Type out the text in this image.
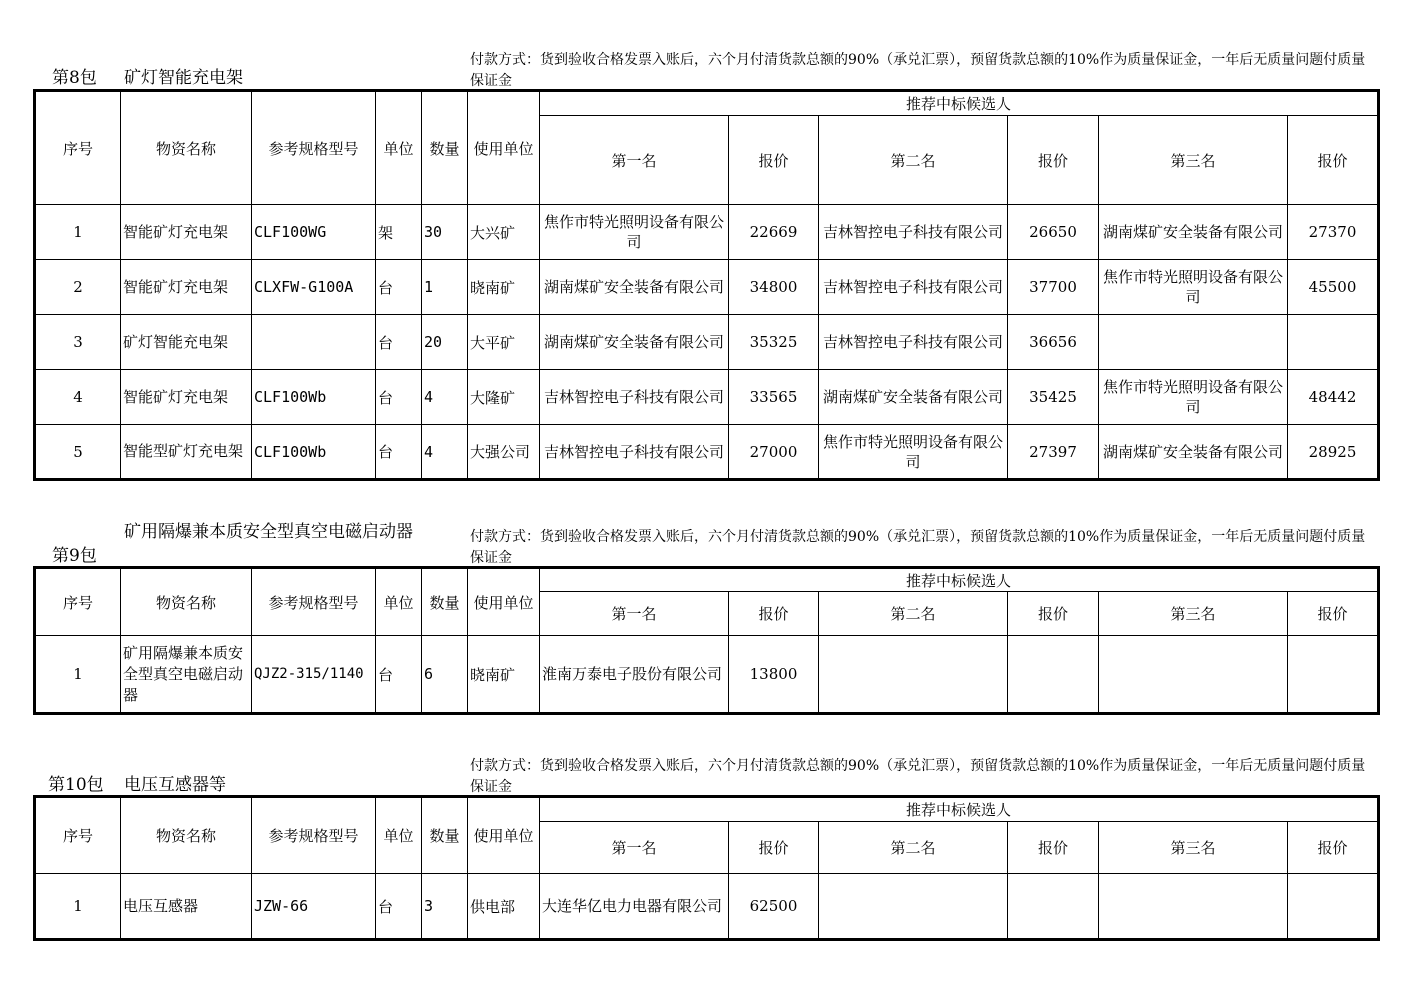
第8包 矿灯智能充电架
付款方式：货到验收合格发票入账后，六个月付清货款总额的90%（承兑汇票），预留货款总额的10%作为质量保证金，一年后无质量问题付质量保证金
序号	物资名称	参考规格型号	单位	数量	使用单位	推荐中标候选人					
						第一名	报价	第二名	报价	第三名	报价
1	智能矿灯充电架	CLF100WG	架	30	大兴矿	焦作市特光照明设备有限公司	22669	吉林智控电子科技有限公司	26650	湖南煤矿安全装备有限公司	27370
2	智能矿灯充电架	CLXFW-G100A	台	1	晓南矿	湖南煤矿安全装备有限公司	34800	吉林智控电子科技有限公司	37700	焦作市特光照明设备有限公司	45500
3	矿灯智能充电架		台	20	大平矿	湖南煤矿安全装备有限公司	35325	吉林智控电子科技有限公司	36656		
4	智能矿灯充电架	CLF100Wb	台	4	大隆矿	吉林智控电子科技有限公司	33565	湖南煤矿安全装备有限公司	35425	焦作市特光照明设备有限公司	48442
5	智能型矿灯充电架	CLF100Wb	台	4	大强公司	吉林智控电子科技有限公司	27000	焦作市特光照明设备有限公司	27397	湖南煤矿安全装备有限公司	28925
第9包
矿用隔爆兼本质安全型真空电磁启动器	付款方式：货到验收合格发票入账后，六个月付清货款总额的90%（承兑汇票），预留货款总额的10%作为质量保证金，一年后无质量问题付质量保证金
序号	物资名称	参考规格型号	单位	数量	使用单位	推荐中标候选人					
						第一名	报价	第二名	报价	第三名	报价
1	矿用隔爆兼本质安全型真空电磁启动器	QJZ2-315/1140	台	6	晓南矿	淮南万泰电子股份有限公司	13800				
第10包 电压互感器等
付款方式：货到验收合格发票入账后，六个月付清货款总额的90%（承兑汇票），预留货款总额的10%作为质量保证金，一年后无质量问题付质量保证金
序号	物资名称	参考规格型号	单位	数量	使用单位	推荐中标候选人					
						第一名	报价	第二名	报价	第三名	报价
1	电压互感器	JZW-66	台	3	供电部	大连华亿电力电器有限公司	62500				
